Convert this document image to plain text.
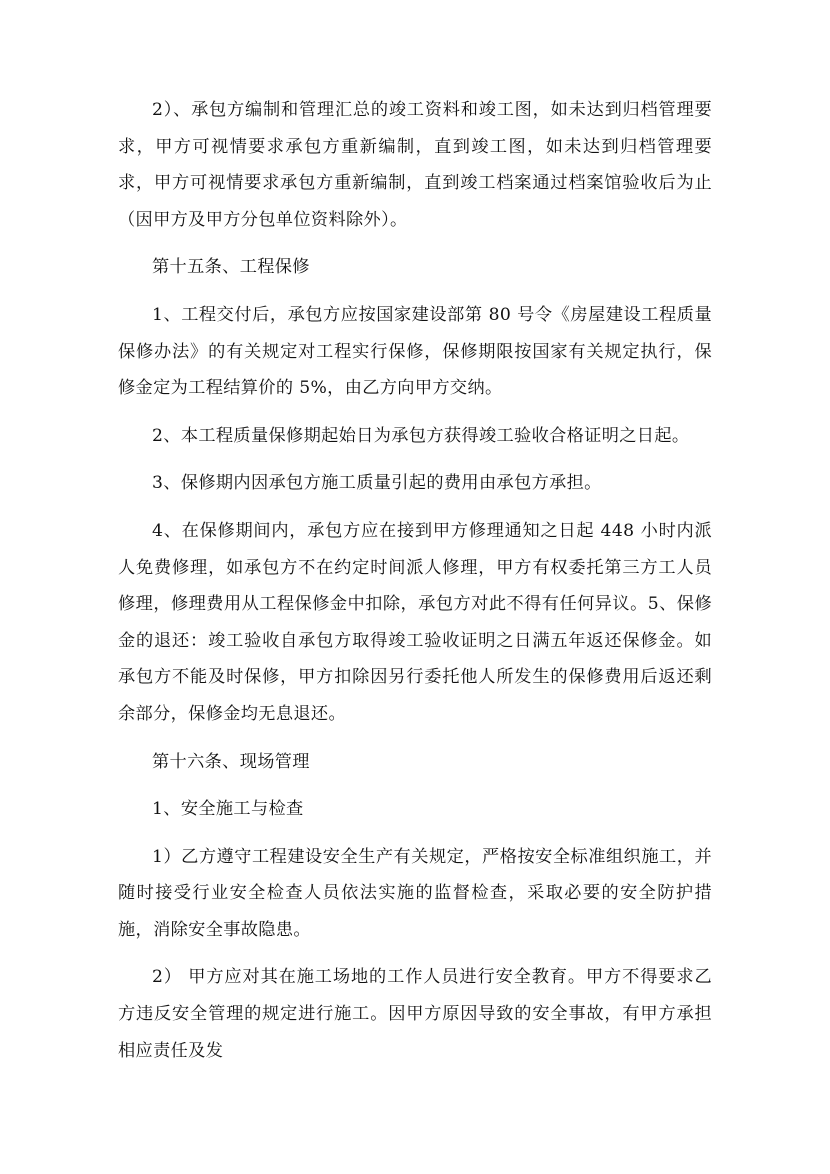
2）、承包方编制和管理汇总的竣工资料和竣工图，如未达到归档管理要求，甲方可视情要求承包方重新编制，直到竣工图，如未达到归档管理要求，甲方可视情要求承包方重新编制，直到竣工档案通过档案馆验收后为止（因甲方及甲方分包单位资料除外）。

第十五条、工程保修

1、工程交付后，承包方应按国家建设部第 80 号令《房屋建设工程质量保修办法》的有关规定对工程实行保修，保修期限按国家有关规定执行，保修金定为工程结算价的 5%，由乙方向甲方交纳。

2、本工程质量保修期起始日为承包方获得竣工验收合格证明之日起。

3、保修期内因承包方施工质量引起的费用由承包方承担。

4、在保修期间内，承包方应在接到甲方修理通知之日起 448 小时内派人免费修理，如承包方不在约定时间派人修理，甲方有权委托第三方工人员修理，修理费用从工程保修金中扣除，承包方对此不得有任何异议。5、保修金的退还：竣工验收自承包方取得竣工验收证明之日满五年返还保修金。如承包方不能及时保修，甲方扣除因另行委托他人所发生的保修费用后返还剩余部分，保修金均无息退还。

第十六条、现场管理

1、安全施工与检查

1）乙方遵守工程建设安全生产有关规定，严格按安全标准组织施工，并随时接受行业安全检查人员依法实施的监督检查，采取必要的安全防护措施，消除安全事故隐患。

2） 甲方应对其在施工场地的工作人员进行安全教育。甲方不得要求乙方违反安全管理的规定进行施工。因甲方原因导致的安全事故，有甲方承担相应责任及发
